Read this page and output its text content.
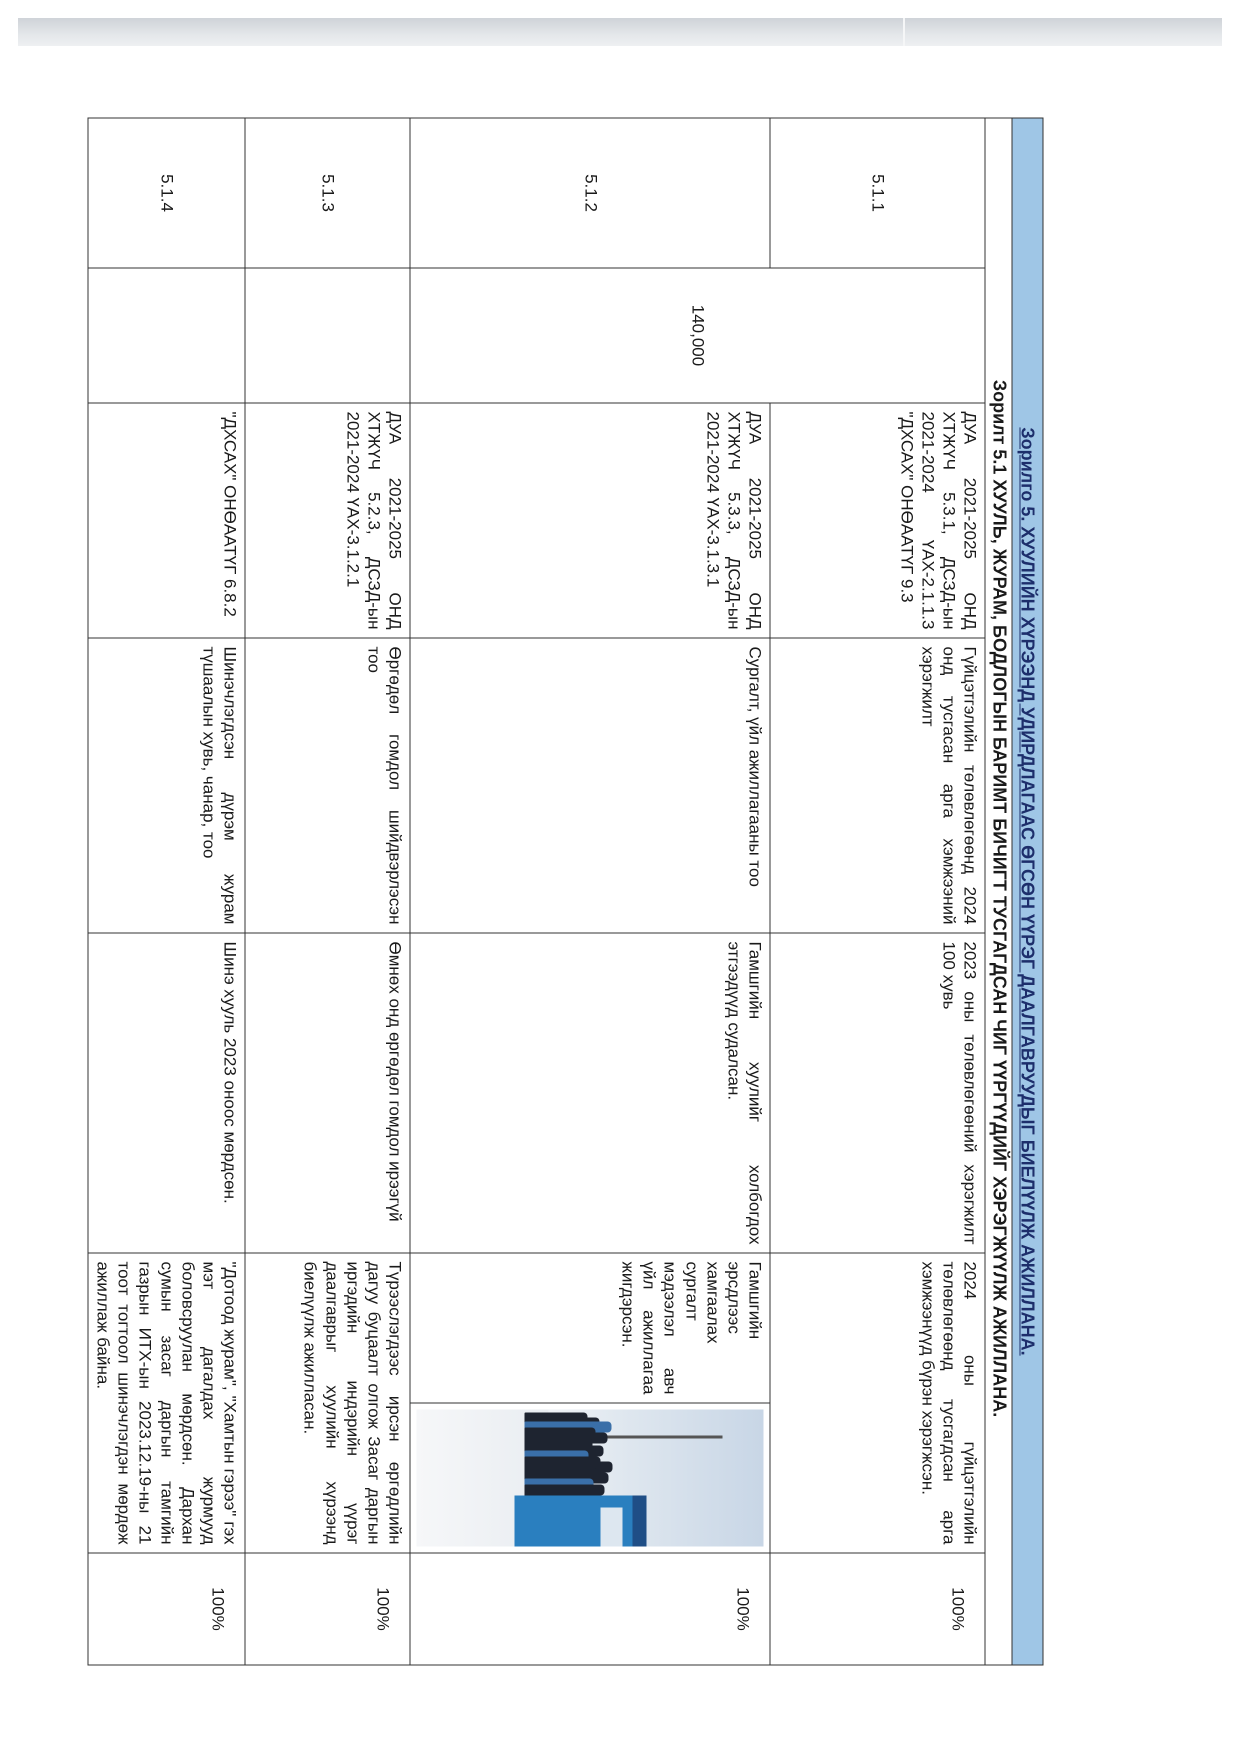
Зорилго 5. ХУУЛИЙН ХҮРЭЭНД УДИРДЛАГААС ӨГСӨН ҮҮРЭГ ДААЛГАВРУУДЫГ БИЕЛҮҮЛЖ АЖИЛЛАНА.							
Зорилт 5.1 ХУУЛЬ, ЖУРАМ, БОДЛОГЫН БАРИМТ БИЧИГТ ТУСГАГДСАН ЧИГ ҮҮРГҮҮДИЙГ ХЭРЭГЖҮҮЛЖ АЖИЛЛАНА.							
5.1.1	140,000	ДУА 2021-2025 ОНД ХТЖҮЧ 5.3.1, ДСЗД-ын 2021-2024 ҮАХ-2.1.1.3 "ДХСАХ" ОНӨААТҮГ 9.3	Гүйцэтгэлийн төлөвлөгөөнд 2024 онд тусгасан арга хэмжээний хэрэгжилт	2023 оны төлөвлөгөөний хэрэгжилт 100 хувь	2024 оны гүйцэтгэлийн төлөвлөгөөнд тусгагдсан арга хэмжээнүүд бүрэн хэрэгжсэн.		100%
5.1.2		ДУА 2021-2025 ОНД ХТЖҮЧ 5.3.3, ДСЗД-ын 2021-2024 ҮАХ-3.1.3.1	Сургалт, үйл ажиллагааны тоо	Гамшгийн хуулийг холбогдох этгээдүүд судалсан.	Гамшгийн эрсдлээс хамгаалах сургалт мэдээлэл авч үйл ажиллагаа жигдэрсэн.		100%
5.1.3		ДУА 2021-2025 ОНД ХТЖҮЧ 5.2.3, ДСЗД-ын 2021-2024 ҮАХ-3.1.2.1	Өргөдөл гомдол шийдвэрлэсэн тоо	Өмнөх онд өргөдөл гомдол ирээгүй	Түрээслэгдээс ирсэн өргөдлийн дагуу буцаалт олгож Засаг даргын иргэдийн индэрийн үүрэг даалгаврыг хуулийн хүрээнд биелүүлж ажилласан.		100%
5.1.4		"ДХСАХ" ОНӨААТҮГ 6.8.2	Шинэчлэгдсэн дүрэм журам түшаалын хувь, чанар, тоо	Шинэ хууль 2023 оноос мөрдсөн.	"Дотоод журам", "Хамтын гэрээ" гэх мэт дагалдах журмууд боловсруулан мөрдсөн. Дархан сумын засаг даргын тамгийн газрын ИТХ-ын 2023.12.19-ны 21 тоот тогтоол шинэчлэгдэн мөрдөж ажиллаж байна.		100%
